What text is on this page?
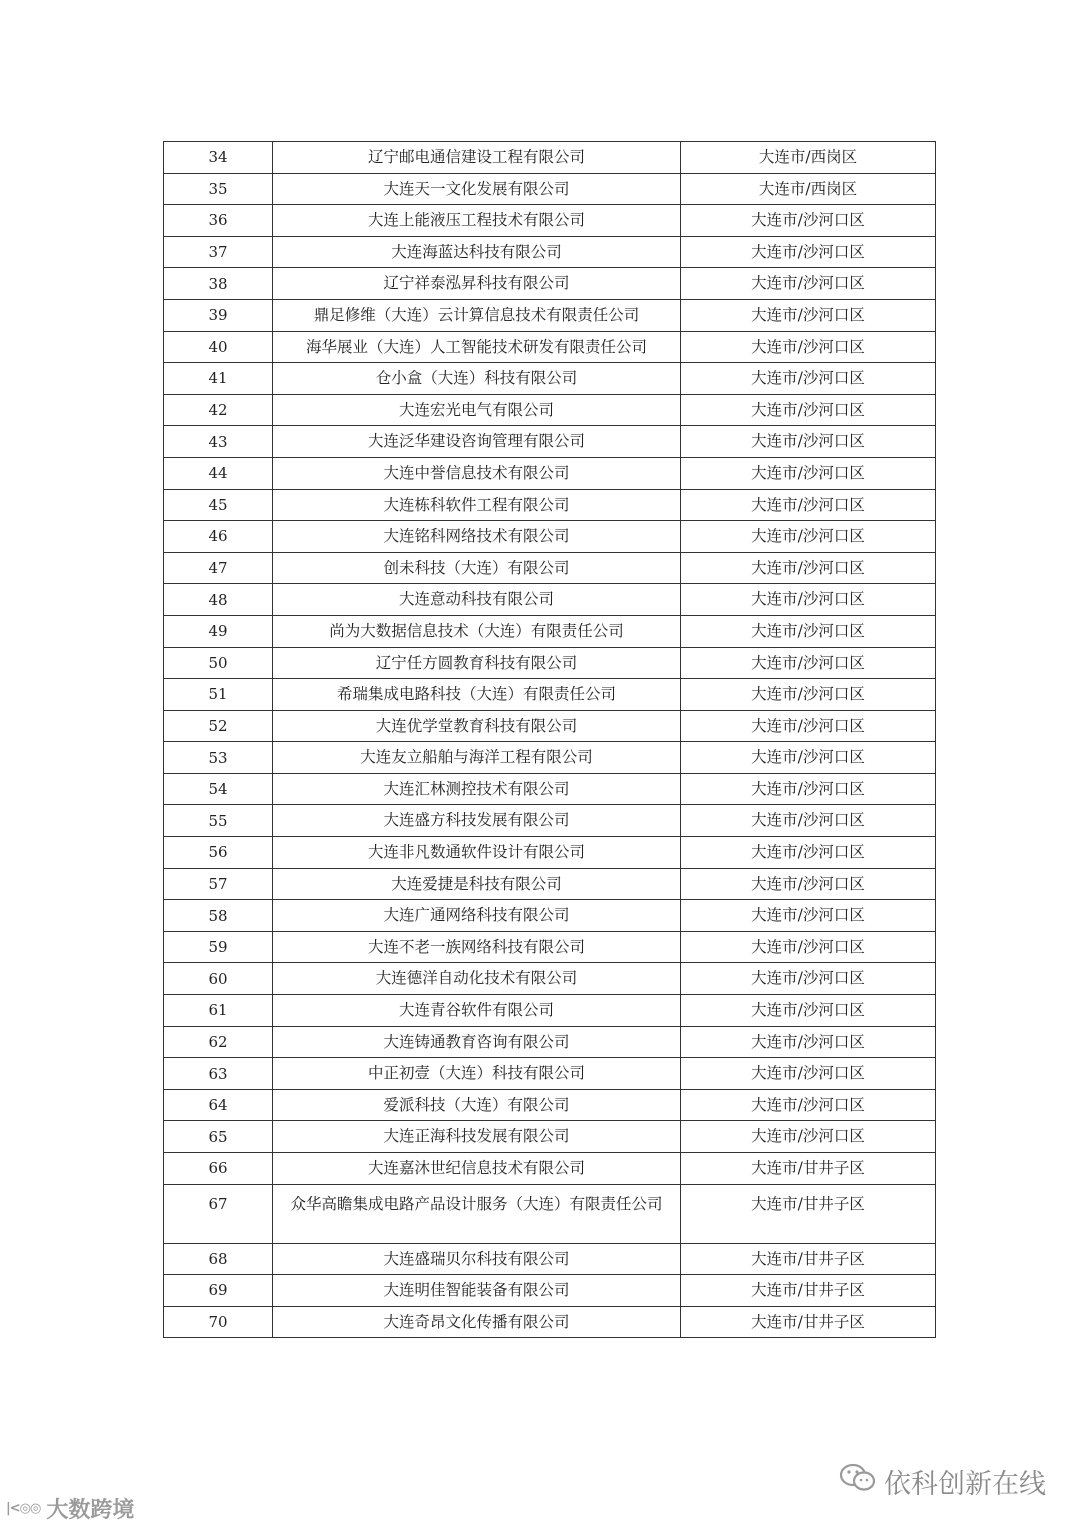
34	辽宁邮电通信建设工程有限公司	大连市/西岗区
35	大连天一文化发展有限公司	大连市/西岗区
36	大连上能液压工程技术有限公司	大连市/沙河口区
37	大连海蓝达科技有限公司	大连市/沙河口区
38	辽宁祥泰泓昇科技有限公司	大连市/沙河口区
39	鼎足修维（大连）云计算信息技术有限责任公司	大连市/沙河口区
40	海华展业（大连）人工智能技术研发有限责任公司	大连市/沙河口区
41	仓小盒（大连）科技有限公司	大连市/沙河口区
42	大连宏光电气有限公司	大连市/沙河口区
43	大连泛华建设咨询管理有限公司	大连市/沙河口区
44	大连中誉信息技术有限公司	大连市/沙河口区
45	大连栋科软件工程有限公司	大连市/沙河口区
46	大连铭科网络技术有限公司	大连市/沙河口区
47	创未科技（大连）有限公司	大连市/沙河口区
48	大连意动科技有限公司	大连市/沙河口区
49	尚为大数据信息技术（大连）有限责任公司	大连市/沙河口区
50	辽宁任方圆教育科技有限公司	大连市/沙河口区
51	希瑞集成电路科技（大连）有限责任公司	大连市/沙河口区
52	大连优学堂教育科技有限公司	大连市/沙河口区
53	大连友立船舶与海洋工程有限公司	大连市/沙河口区
54	大连汇林测控技术有限公司	大连市/沙河口区
55	大连盛方科技发展有限公司	大连市/沙河口区
56	大连非凡数通软件设计有限公司	大连市/沙河口区
57	大连爱捷是科技有限公司	大连市/沙河口区
58	大连广通网络科技有限公司	大连市/沙河口区
59	大连不老一族网络科技有限公司	大连市/沙河口区
60	大连德洋自动化技术有限公司	大连市/沙河口区
61	大连青谷软件有限公司	大连市/沙河口区
62	大连铸通教育咨询有限公司	大连市/沙河口区
63	中正初壹（大连）科技有限公司	大连市/沙河口区
64	爱派科技（大连）有限公司	大连市/沙河口区
65	大连正海科技发展有限公司	大连市/沙河口区
66	大连嘉沐世纪信息技术有限公司	大连市/甘井子区
67	众华高瞻集成电路产品设计服务（大连）有限责任公司	大连市/甘井子区
68	大连盛瑞贝尔科技有限公司	大连市/甘井子区
69	大连明佳智能装备有限公司	大连市/甘井子区
70	大连奇昂文化传播有限公司	大连市/甘井子区
依科创新在线
|<◎◎ 大数跨境
